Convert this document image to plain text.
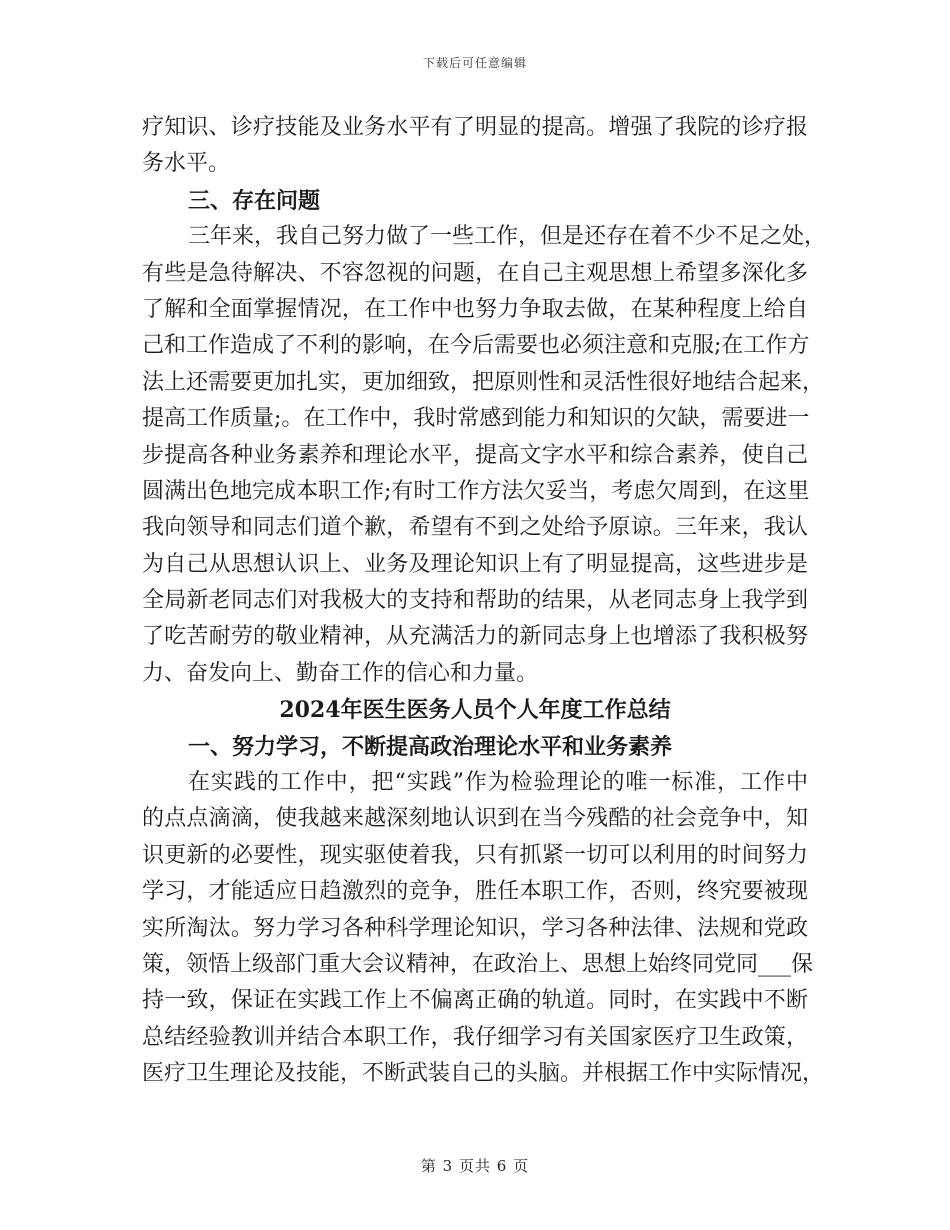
下载后可任意编辑
疗知识、诊疗技能及业务水平有了明显的提高。增强了我院的诊疗报
务水平。
三、存在问题
三年来，我自己努力做了一些工作，但是还存在着不少不足之处，
有些是急待解决、不容忽视的问题，在自己主观思想上希望多深化多
了解和全面掌握情况，在工作中也努力争取去做，在某种程度上给自
己和工作造成了不利的影响，在今后需要也必须注意和克服;在工作方
法上还需要更加扎实，更加细致，把原则性和灵活性很好地结合起来，
提高工作质量;。在工作中，我时常感到能力和知识的欠缺，需要进一
步提高各种业务素养和理论水平，提高文字水平和综合素养，使自己
圆满出色地完成本职工作;有时工作方法欠妥当，考虑欠周到，在这里
我向领导和同志们道个歉，希望有不到之处给予原谅。三年来，我认
为自己从思想认识上、业务及理论知识上有了明显提高，这些进步是
全局新老同志们对我极大的支持和帮助的结果，从老同志身上我学到
了吃苦耐劳的敬业精神，从充满活力的新同志身上也增添了我积极努
力、奋发向上、勤奋工作的信心和力量。
2024年医生医务人员个人年度工作总结
一、努力学习，不断提高政治理论水平和业务素养
在实践的工作中，把“实践”作为检验理论的唯一标准，工作中
的点点滴滴，使我越来越深刻地认识到在当今残酷的社会竞争中，知
识更新的必要性，现实驱使着我，只有抓紧一切可以利用的时间努力
学习，才能适应日趋激烈的竞争，胜任本职工作，否则，终究要被现
实所淘汰。努力学习各种科学理论知识，学习各种法律、法规和党政
策，领悟上级部门重大会议精神，在政治上、思想上始终同党同___保
持一致，保证在实践工作上不偏离正确的轨道。同时，在实践中不断
总结经验教训并结合本职工作，我仔细学习有关国家医疗卫生政策，
医疗卫生理论及技能，不断武装自己的头脑。并根据工作中实际情况，
第 3 页共 6 页
